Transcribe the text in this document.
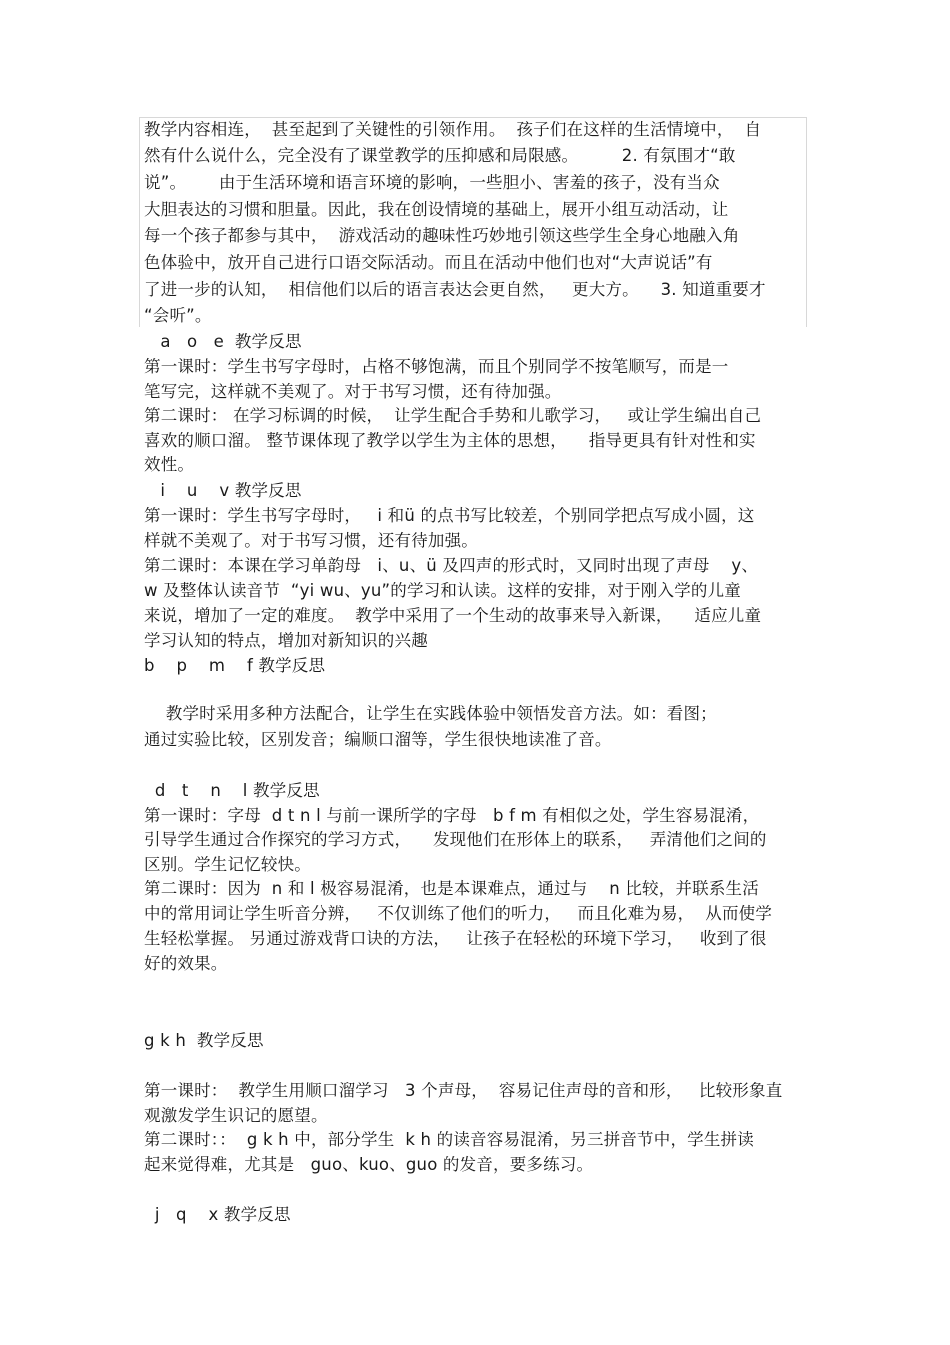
教学内容相连，  甚至起到了关键性的引领作用。  孩子们在这样的生活情境中，  自
然有什么说什么，完全没有了课堂教学的压抑感和局限感。        2. 有氛围才“敢
说”。      由于生活环境和语言环境的影响，一些胆小、害羞的孩子，没有当众
大胆表达的习惯和胆量。因此，我在创设情境的基础上，展开小组互动活动，让
每一个孩子都参与其中，  游戏活动的趣味性巧妙地引领这些学生全身心地融入角
色体验中，放开自己进行口语交际活动。而且在活动中他们也对“大声说话”有
了进一步的认知，  相信他们以后的语言表达会更自然，   更大方。    3. 知道重要才
“会听”。
a   o   e  教学反思
第一课时：学生书写字母时，占格不够饱满，而且个别同学不按笔顺写，而是一
笔写完，这样就不美观了。对于书写习惯，还有待加强。
第二课时： 在学习标调的时候，  让学生配合手势和儿歌学习，   或让学生编出自己
喜欢的顺口溜。 整节课体现了教学以学生为主体的思想，    指导更具有针对性和实
效性。
i    u    v 教学反思
第一课时：学生书写字母时，   i 和ü 的点书写比较差，个别同学把点写成小圆，这
样就不美观了。对于书写习惯，还有待加强。
第二课时：本课在学习单韵母   i、u、ü 及四声的形式时，又同时出现了声母    y、
w 及整体认读音节  “yi wu、yu”的学习和认读。这样的安排，对于刚入学的儿童
来说，增加了一定的难度。  教学中采用了一个生动的故事来导入新课，    适应儿童
学习认知的特点，增加对新知识的兴趣
b    p    m    f 教学反思
教学时采用多种方法配合，让学生在实践体验中领悟发音方法。如：看图；
通过实验比较，区别发音；编顺口溜等，学生很快地读准了音。
d   t    n    l 教学反思
第一课时：字母  d t n l 与前一课所学的字母   b f m 有相似之处，学生容易混淆，
引导学生通过合作探究的学习方式，    发现他们在形体上的联系，   弄清他们之间的
区别。学生记忆较快。
第二课时：因为  n 和 l 极容易混淆，也是本课难点，通过与    n 比较，并联系生活
中的常用词让学生听音分辨，   不仅训练了他们的听力，   而且化难为易，  从而使学
生轻松掌握。 另通过游戏背口诀的方法，   让孩子在轻松的环境下学习，   收到了很
好的效果。
g k h  教学反思
第一课时：  教学生用顺口溜学习   3 个声母，  容易记住声母的音和形，   比较形象直
观激发学生识记的愿望。
第二课时：：  g k h 中，部分学生  k h 的读音容易混淆，另三拼音节中，学生拼读
起来觉得难，尤其是   guo、kuo、guo 的发音，要多练习。
j   q    x 教学反思
